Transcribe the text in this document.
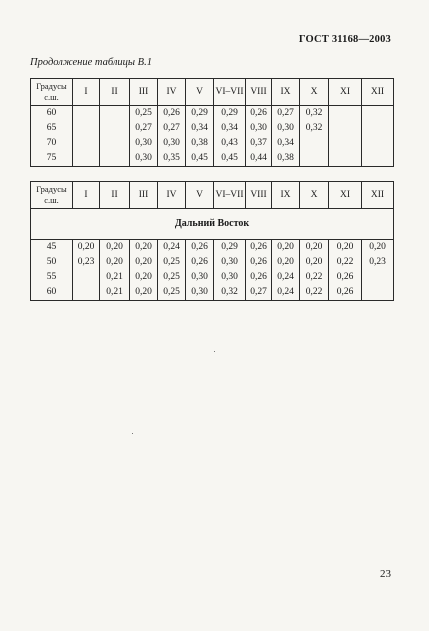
ГОСТ 31168—2003
Продолжение таблицы В.1
Градусы с.ш.	I	II	III	IV	V	VI–VII	VIII	IX	X	XI	XII
60			0,25	0,26	0,29	0,29	0,26	0,27	0,32		
65			0,27	0,27	0,34	0,34	0,30	0,30	0,32		
70			0,30	0,30	0,38	0,43	0,37	0,34			
75			0,30	0,35	0,45	0,45	0,44	0,38			
Градусы с.ш.	I	II	III	IV	V	VI–VII	VIII	IX	X	XI	XII
Дальний Восток											
45	0,20	0,20	0,20	0,24	0,26	0,29	0,26	0,20	0,20	0,20	0,20
50	0,23	0,20	0,20	0,25	0,26	0,30	0,26	0,20	0,20	0,22	0,23
55		0,21	0,20	0,25	0,30	0,30	0,26	0,24	0,22	0,26	
60		0,21	0,20	0,25	0,30	0,32	0,27	0,24	0,22	0,26	
23
